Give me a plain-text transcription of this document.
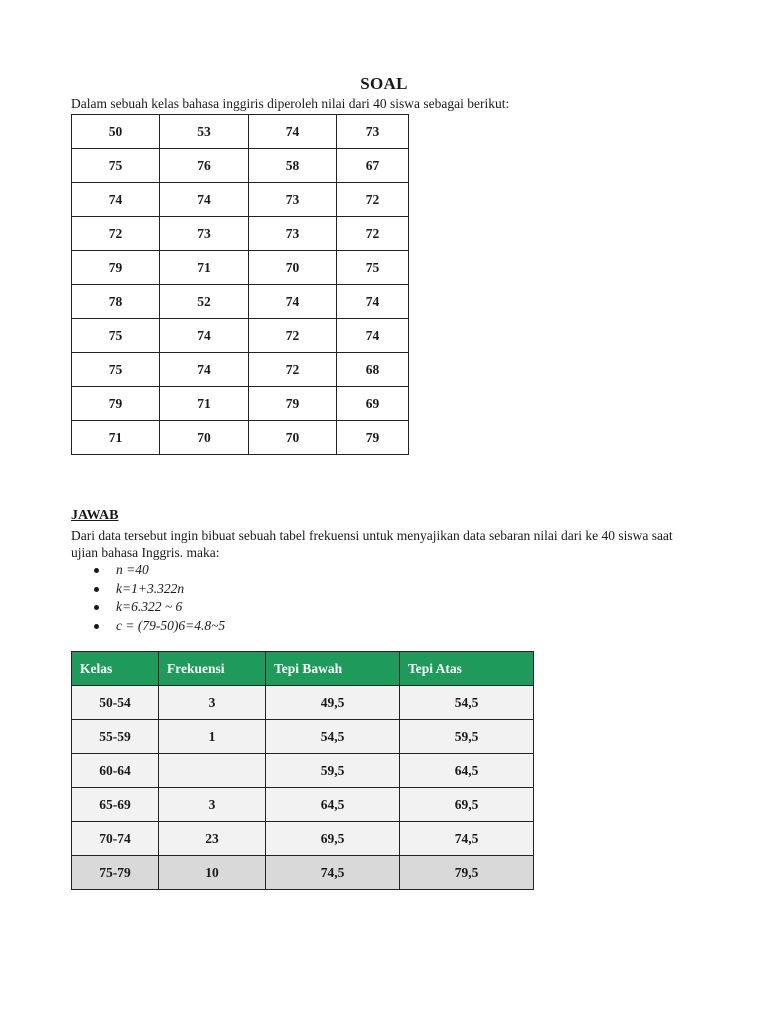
SOAL
Dalam sebuah kelas bahasa inggiris diperoleh nilai dari 40 siswa sebagai berikut:
50	53	74	73
75	76	58	67
74	74	73	72
72	73	73	72
79	71	70	75
78	52	74	74
75	74	72	74
75	74	72	68
79	71	79	69
71	70	70	79
JAWAB
Dari data tersebut ingin bibuat sebuah tabel frekuensi untuk menyajikan data sebaran nilai dari ke 40 siswa saat ujian bahasa Inggris. maka:
n =40
k=1+3.322n
k=6.322 ~ 6
c = (79-50)6=4.8~5
Kelas	Frekuensi	Tepi Bawah	Tepi Atas
50-54	3	49,5	54,5
55-59	1	54,5	59,5
60-64		59,5	64,5
65-69	3	64,5	69,5
70-74	23	69,5	74,5
75-79	10	74,5	79,5
